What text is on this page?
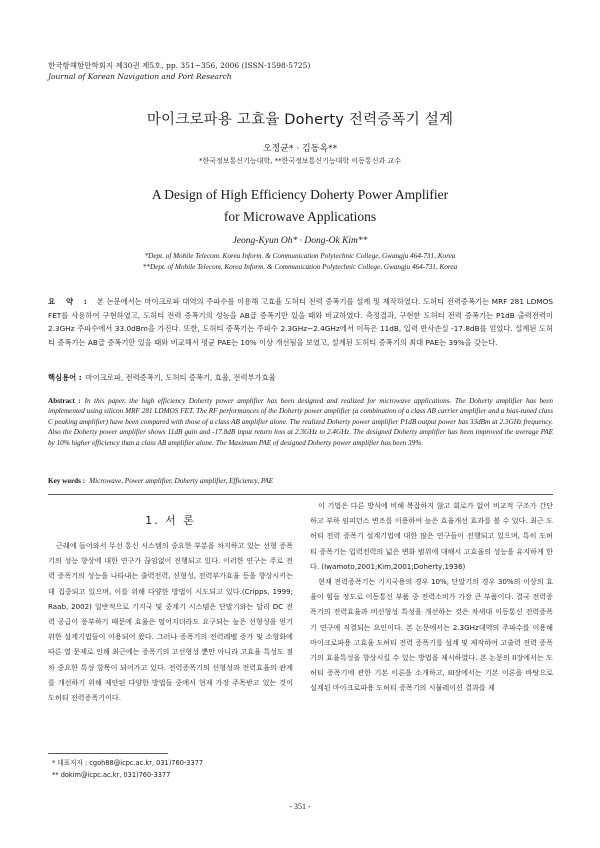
한국항해항만학회지 제30권 제5호, pp. 351~356, 2006 (ISSN-1598-5725)
Journal of Korean Navigation and Port Research
마이크로파용 고효율 Doherty 전력증폭기 설계
오정균* · 김동옥**
*한국정보통신기능대학, **한국정보통신기능대학 이동통신과 교수
A Design of High Efficiency Doherty Power Amplifier
for Microwave Applications
Jeong-Kyun Oh* · Dong-Ok Kim**
*Dept. of Mobile Telecom. Korea Inform. & Communication Polytechnic College, Gwangju 464-731, Korea
**Dept. of Mobile Telecom. Korea Inform. & Communication Polytechnic College, Gwangju 464-731, Korea
요 약 : 본 논문에서는 마이크로파 대역의 주파수를 이용해 고효율 도허티 전력 증폭기를 설계 및 제작하였다. 도허티 전력증폭기는 MRF 281 LDMOS FET를 사용하여 구현하였고, 도허티 전력 증폭기의 성능을 AB급 증폭기만 있을 때와 비교하였다. 측정결과, 구현한 도허티 전력 증폭기는 P1dB 출력전력이 2.3GHz 주파수에서 33.0dBm을 가진다. 또한, 도허티 증폭기는 주파수 2.3GHz~2.4GHz에서 이득은 11dB, 입력 반사손실 -17.8dB를 얻었다. 설계된 도허티 증폭기는 AB급 증폭기만 있을 때와 비교해서 평균 PAE는 10% 이상 개선됨을 보였고, 설계된 도허티 증폭기의 최대 PAE는 39%을 갖는다.
핵심용어 : 마이크로파, 전력증폭기, 도허티 증폭기, 효율, 전력부가효율
Abstract : In this paper, the high efficiency Doherty power amplifier has been designed and realized for microwave applications. The Doherty amplifier has been implemented using silicon MRF 281 LDMOS FET. The RF performances of the Doherty power amplifier (a combination of a class AB carrier amplifier and a bias-tuned class C peaking amplifier) have been compared with those of a class AB amplifier alone. The realized Doherty power amplifier P1dB output power has 33dBm at 2.3GHz frequency. Also the Doherty power amplifier shows 11dB gain and -17.8dB input return loss at 2.3GHz to 2.4GHz. The designed Doherty amplifier has been improved the average PAE by 10% higher efficiency than a class AB amplifier alone. The Maximum PAE of designed Doherty power amplifier has been 39%.
Key words : Microwave, Power amplifier, Doherty amplifier, Efficiency, PAE
1. 서 론

근래에 들어와서 무선 통신 시스템의 중요한 부분을 차지하고 있는 선형 증폭기의 성능 향상에 대한 연구가 끊임없이 진행되고 있다. 이러한 연구는 주로 전력 증폭기의 성능을 나타내는 출력전력, 선형성, 전력부가효율 등을 향상시키는 데 집중되고 있으며, 이를 위해 다양한 방법이 시도되고 있다.(Cripps, 1999; Raab, 2002) 일반적으로 기지국 및 중계기 시스템은 단말기와는 달리 DC 전력 공급이 풍부하기 때문에 효율은 떨어지더라도 요구되는 높은 선형성을 얻기위한 설계기법들이 이용되어 왔다. 그러나 증폭기의 전력레벨 증가 및 소형화에 따른 열 문제로 인해 최근에는 증폭기의 고선형성 뿐만 아니라 고효율 특성도 점차 중요한 특성 항목이 되어가고 있다. 전력증폭기의 선형성과 전력효율의 관계를 개선하기 위해 제안된 다양한 방법들 중에서 현재 가장 주목받고 있는 것이 도허티 전력증폭기이다.

이 기법은 다른 방식에 비해 복잡하지 않고 회로가 없어 비교적 구조가 간단하고 부하 임피던스 변조를 이용하여 높은 효율개선 효과를 볼 수 있다. 최근 도허티 전력 증폭기 설계기법에 대한 많은 연구들이 진행되고 있으며, 특히 도허티 증폭기는 입력전력의 넓은 변화 범위에 대해서 고효율의 성능을 유지하게 한다. (Iwamoto,2001;Kim,2001;Doherty,1936)

현재 전력증폭기는 기지국용의 경우 10%, 단말기의 경우 30%의 이상의 효율이 힘들 정도로 이동통신 부품 중 전력소비가 가장 큰 부품이다. 결국 전력증폭기의 전력효율과 비선형성 특성을 개선하는 것은 차세대 이동통신 전력증폭기 연구에 직결되는 요인이다. 본 논문에서는 2.3GHz대역의 주파수를 이용해 마이크로파용 고효율 도허티 전력 증폭기를 설계 및 제작하여 고출력 전력 증폭기의 효율특성을 향상시킬 수 있는 방법을 제시하였다. 본 논문의 II장에서는 도허티 증폭기에 관한 기본 이론을 소개하고, III장에서는 기본 이론을 바탕으로 설계된 마이크로파용 도허티 증폭기의 시뮬레이션 결과를 제

* 대표저자 : cgoh88@icpc.ac.kr, 031)760-3377
** dokim@icpc.ac.kr, 031)760-3377
- 351 -
